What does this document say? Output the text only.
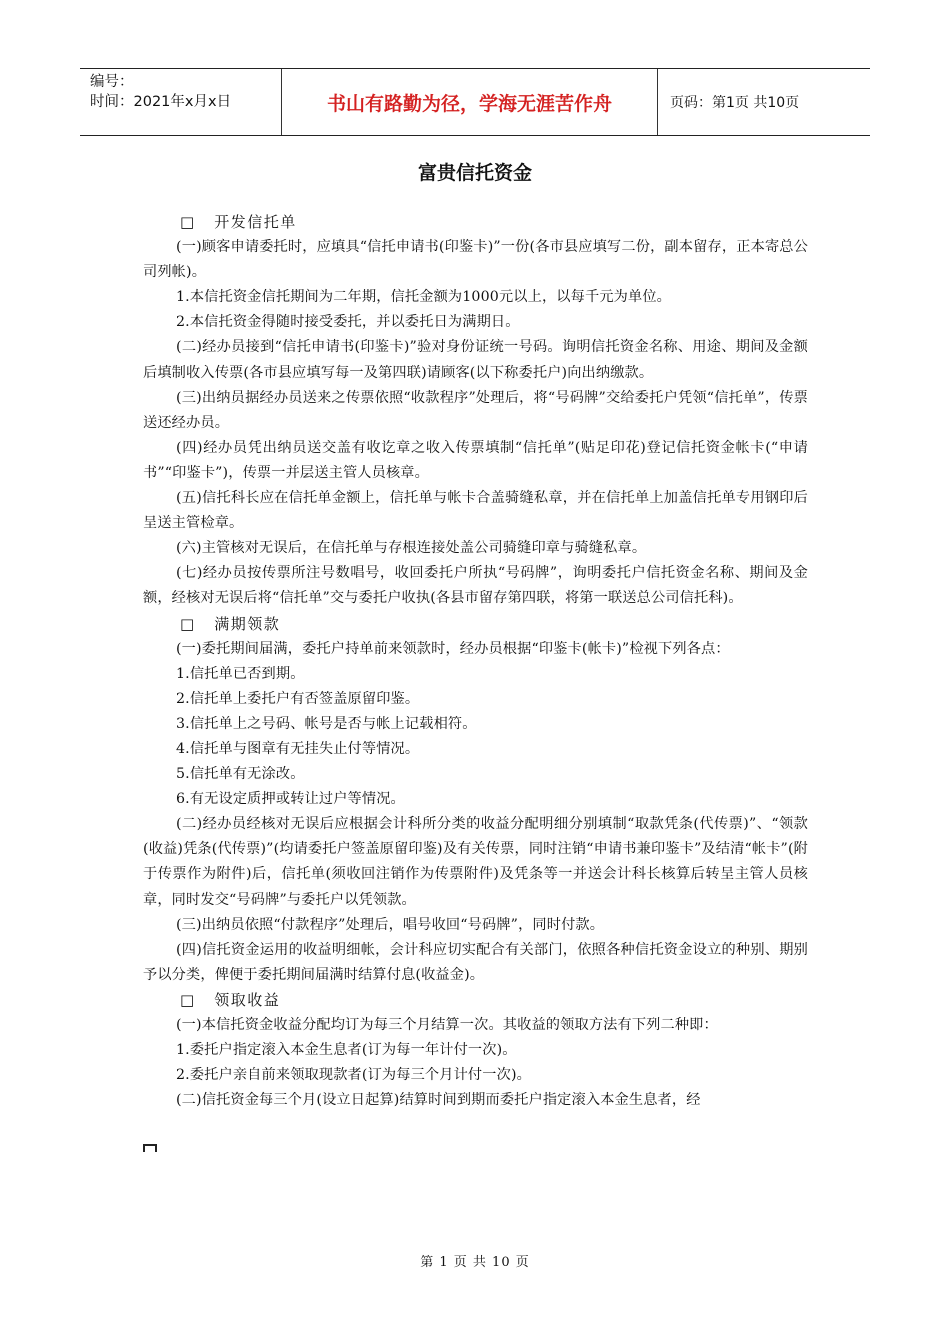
编号：
时间：2021年x月x日	书山有路勤为径，学海无涯苦作舟	页码：第1页 共10页
富贵信托资金
□ 开发信托单

(一)顾客申请委托时，应填具“信托申请书(印鉴卡)”一份(各市县应填写二份，副本留存，正本寄总公司列帐)。

1.本信托资金信托期间为二年期，信托金额为1000元以上，以每千元为单位。

2.本信托资金得随时接受委托，并以委托日为满期日。

(二)经办员接到“信托申请书(印鉴卡)”验对身份证统一号码。询明信托资金名称、用途、期间及金额后填制收入传票(各市县应填写每一及第四联)请顾客(以下称委托户)向出纳缴款。

(三)出纳员据经办员送来之传票依照“收款程序”处理后，将“号码牌”交给委托户凭领“信托单”，传票送还经办员。

(四)经办员凭出纳员送交盖有收讫章之收入传票填制“信托单”(贴足印花)登记信托资金帐卡(“申请书”“印鉴卡”)，传票一并层送主管人员核章。

(五)信托科长应在信托单金额上，信托单与帐卡合盖骑缝私章，并在信托单上加盖信托单专用钢印后呈送主管检章。

(六)主管核对无误后，在信托单与存根连接处盖公司骑缝印章与骑缝私章。

(七)经办员按传票所注号数唱号，收回委托户所执“号码牌”，询明委托户信托资金名称、期间及金额，经核对无误后将“信托单”交与委托户收执(各县市留存第四联，将第一联送总公司信托科)。

□ 满期领款

(一)委托期间届满，委托户持单前来领款时，经办员根据“印鉴卡(帐卡)”检视下列各点：

1.信托单已否到期。

2.信托单上委托户有否签盖原留印鉴。

3.信托单上之号码、帐号是否与帐上记载相符。

4.信托单与图章有无挂失止付等情况。

5.信托单有无涂改。

6.有无设定质押或转让过户等情况。

(二)经办员经核对无误后应根据会计科所分类的收益分配明细分别填制“取款凭条(代传票)”、“领款(收益)凭条(代传票)”(均请委托户签盖原留印鉴)及有关传票，同时注销“申请书兼印鉴卡”及结清“帐卡”(附于传票作为附件)后，信托单(须收回注销作为传票附件)及凭条等一并送会计科长核算后转呈主管人员核章，同时发交“号码牌”与委托户以凭领款。

(三)出纳员依照“付款程序”处理后，唱号收回“号码牌”，同时付款。

(四)信托资金运用的收益明细帐，会计科应切实配合有关部门，依照各种信托资金设立的种别、期别予以分类，俾便于委托期间届满时结算付息(收益金)。

□ 领取收益

(一)本信托资金收益分配均订为每三个月结算一次。其收益的领取方法有下列二种即：

1.委托户指定滚入本金生息者(订为每一年计付一次)。

2.委托户亲自前来领取现款者(订为每三个月计付一次)。

(二)信托资金每三个月(设立日起算)结算时间到期而委托户指定滚入本金生息者，经

第 1 页 共 10 页
